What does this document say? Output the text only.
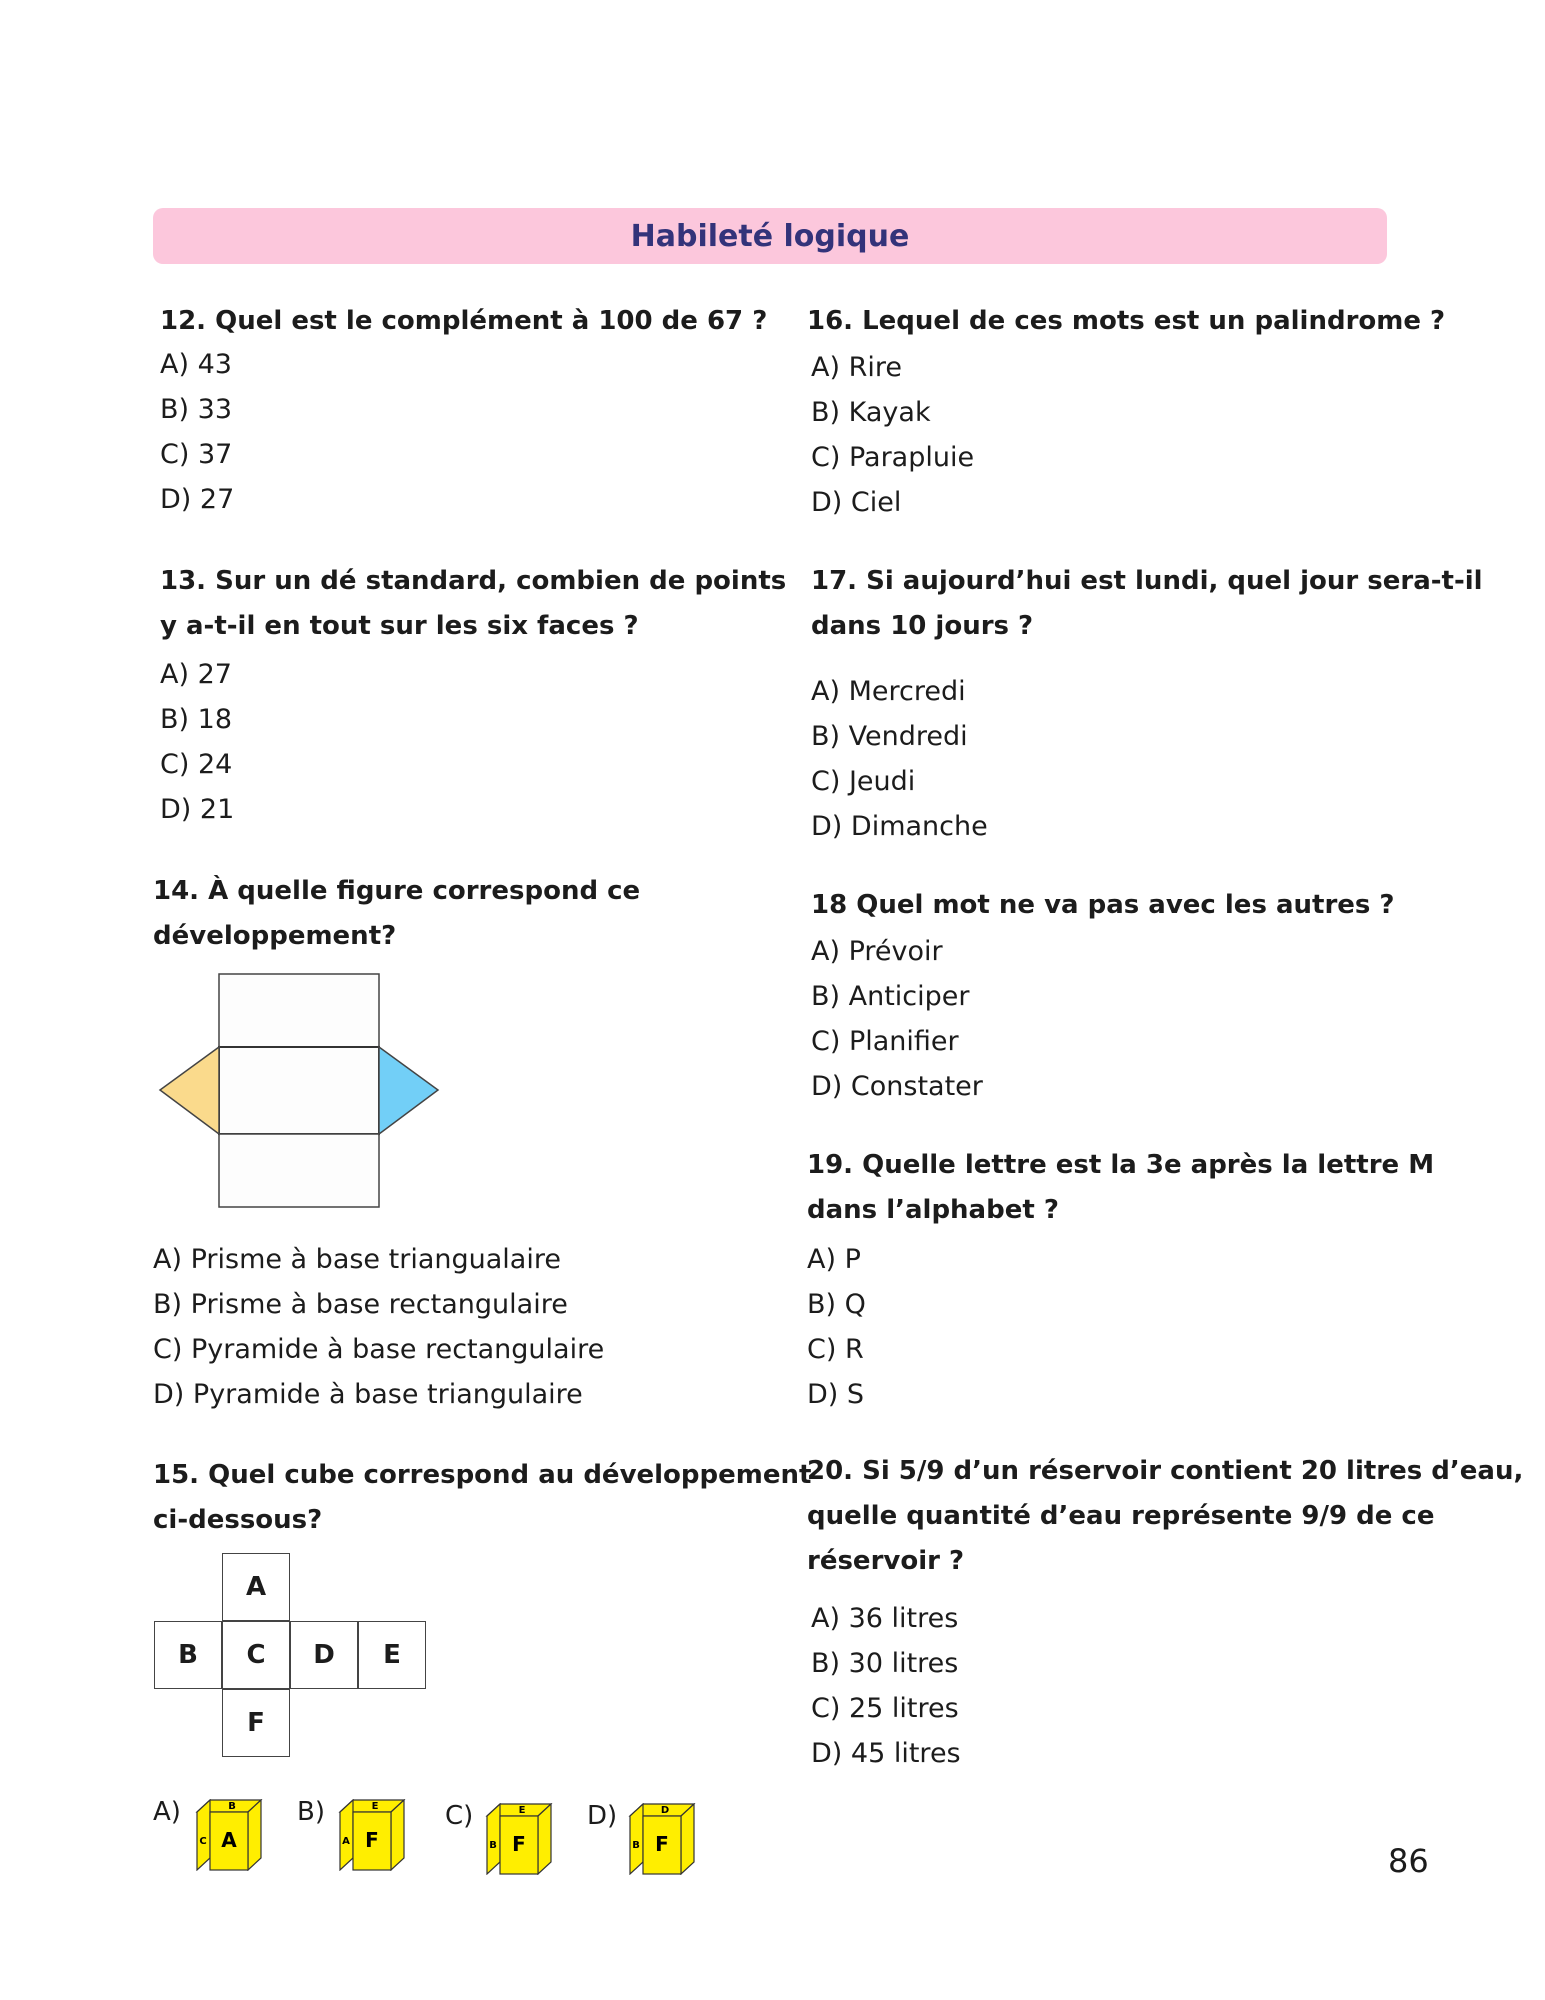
Habileté logique
12. Quel est le complément à 100 de 67 ?
A) 43
B) 33
C) 37
D) 27
13. Sur un dé standard, combien de points
y a-t-il en tout sur les six faces ?
A) 27
B) 18
C) 24
D) 21
14. À quelle figure correspond ce
développement?
A) Prisme à base triangualaire
B) Prisme à base rectangulaire
C) Pyramide à base rectangulaire
D) Pyramide à base triangulaire
15. Quel cube correspond au développement
ci-dessous?
A
B	C	D	E
F
A)	B
C A
B)	E
A F
C)	E
B F
D)	D
B F
16. Lequel de ces mots est un palindrome ?
A) Rire
B) Kayak
C) Parapluie
D) Ciel
17. Si aujourd’hui est lundi, quel jour sera-t-il
dans 10 jours ?
A) Mercredi
B) Vendredi
C) Jeudi
D) Dimanche
18 Quel mot ne va pas avec les autres ?
A) Prévoir
B) Anticiper
C) Planifier
D) Constater
19. Quelle lettre est la 3e après la lettre M
dans l’alphabet ?
A) P
B) Q
C) R
D) S
20. Si 5/9 d’un réservoir contient 20 litres d’eau,
quelle quantité d’eau représente 9/9 de ce
réservoir ?
A) 36 litres
B) 30 litres
C) 25 litres
D) 45 litres
86
